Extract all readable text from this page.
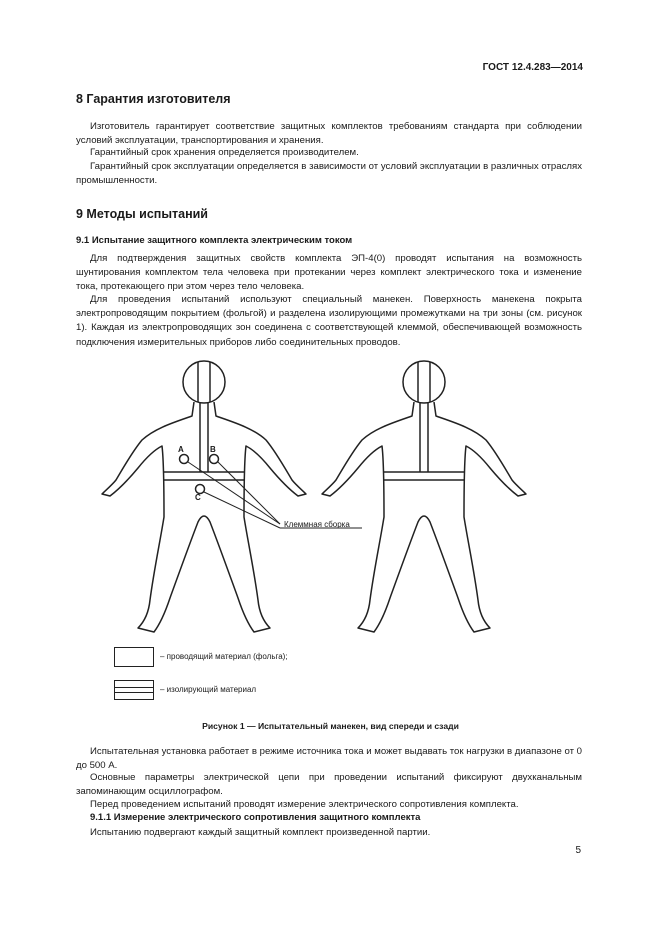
ГОСТ 12.4.283—2014
8 Гарантия изготовителя

Изготовитель гарантирует соответствие защитных комплектов требованиям стандарта при соблюдении условий эксплуатации, транспортирования и хранения.

Гарантийный срок хранения определяется производителем.

Гарантийный срок эксплуатации определяется в зависимости от условий эксплуатации в различных отраслях промышленности.

9 Методы испытаний
9.1 Испытание защитного комплекта электрическим током

Для подтверждения защитных свойств комплекта ЭП-4(0) проводят испытания на возможность шунтирования комплектом тела человека при протекании через комплект электрического тока и изменение тока, протекающего при этом через тело человека.

Для проведения испытаний используют специальный манекен. Поверхность манекена покрыта электропроводящим покрытием (фольгой) и разделена изолирующими промежутками на три зоны (см. рисунок 1). Каждая из электропроводящих зон соединена с соответствующей клеммой, обеспечивающей возможность подключения измерительных приборов либо соединительных проводов.

A	B
C
Клеммная сборка
– проводящий материал (фольга);
– изолирующий материал
Рисунок 1 — Испытательный манекен, вид спереди и сзади

Испытательная установка работает в режиме источника тока и может выдавать ток нагрузки в диапазоне от 0 до 500 А.

Основные параметры электрической цепи при проведении испытаний фиксируют двухканальным запоминающим осциллографом.

Перед проведением испытаний проводят измерение электрического сопротивления комплекта.

9.1.1 Измерение электрического сопротивления защитного комплекта

Испытанию подвергают каждый защитный комплект произведенной партии.

5
